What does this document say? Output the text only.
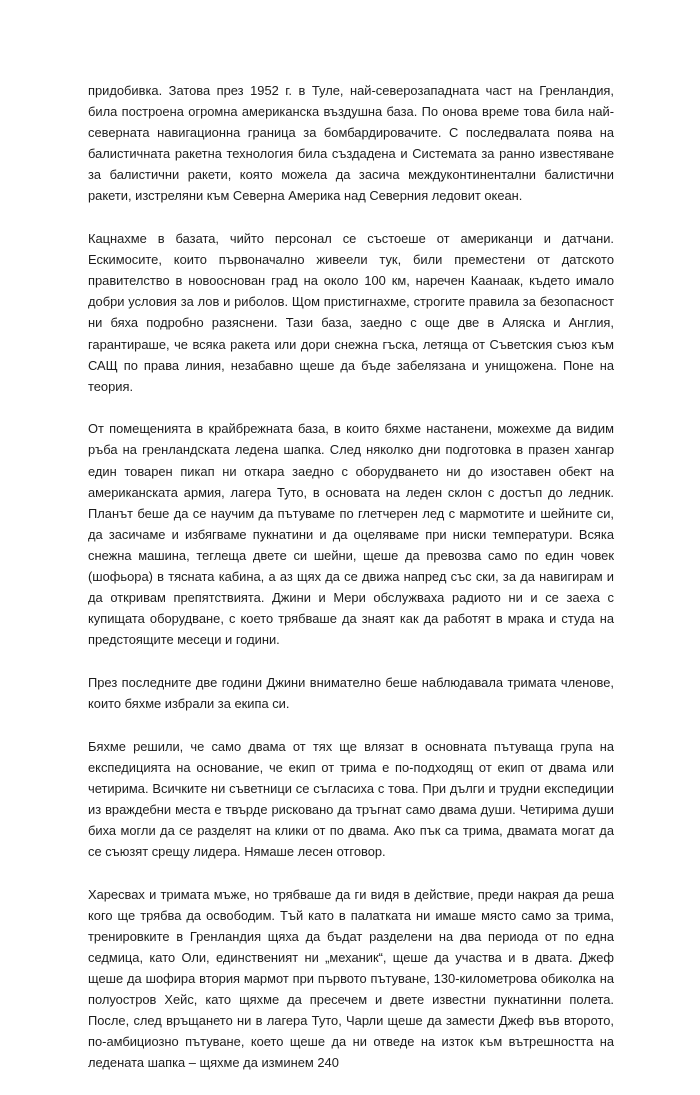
придобивка. Затова през 1952 г. в Туле, най-северозападната част на Гренландия, била построена огромна американска въздушна база. По онова време това била най-северната навигационна граница за бомбардировачите. С последвалата поява на балистичната ракетна технология била създадена и Системата за ранно известяване за балистични ракети, която можела да засича междуконтинентални балистични ракети, изстреляни към Северна Америка над Северния ледовит океан.

Кацнахме в базата, чийто персонал се състоеше от американци и датчани. Ескимосите, които първоначално живеели тук, били преместени от датското правителство в новооснован град на около 100 км, наречен Каанаак, където имало добри условия за лов и риболов. Щом пристигнахме, строгите правила за безопасност ни бяха подробно разяснени. Тази база, заедно с още две в Аляска и Англия, гарантираше, че всяка ракета или дори снежна гъска, летяща от Съветския съюз към САЩ по права линия, незабавно щеше да бъде забелязана и унищожена. Поне на теория.

От помещенията в крайбрежната база, в които бяхме настанени, можехме да видим ръба на гренландската ледена шапка. След няколко дни подготовка в празен хангар един товарен пикап ни откара заедно с оборудването ни до изоставен обект на американската армия, лагера Туто, в основата на леден склон с достъп до ледник. Планът беше да се научим да пътуваме по глетчерен лед с мармотите и шейните си, да засичаме и избягваме пукнатини и да оцеляваме при ниски температури. Всяка снежна машина, теглеща двете си шейни, щеше да превозва само по един човек (шофьора) в тясната кабина, а аз щях да се движа напред със ски, за да навигирам и да откривам препятствията. Джини и Мери обслужваха радиото ни и се заеха с купищата оборудване, с което трябваше да знаят как да работят в мрака и студа на предстоящите месеци и години.

През последните две години Джини внимателно беше наблюдавала тримата членове, които бяхме избрали за екипа си.

Бяхме решили, че само двама от тях ще влязат в основната пътуваща група на експедицията на основание, че екип от трима е по-подходящ от екип от двама или четирима. Всичките ни съветници се съгласиха с това. При дълги и трудни експедиции из враждебни места е твърде рисковано да тръгнат само двама души. Четирима души биха могли да се разделят на клики от по двама. Ако пък са трима, двамата могат да се съюзят срещу лидера. Нямаше лесен отговор.

Харесвах и тримата мъже, но трябваше да ги видя в действие, преди накрая да реша кого ще трябва да освободим. Тъй като в палатката ни имаше място само за трима, тренировките в Гренландия щяха да бъдат разделени на два периода от по една седмица, като Оли, единственият ни „механик“, щеше да участва и в двата. Джеф щеше да шофира втория мармот при първото пътуване, 130-километрова обиколка на полуостров Хейс, като щяхме да пресечем и двете известни пукнатинни полета. После, след връщането ни в лагера Туто, Чарли щеше да замести Джеф във второто, по-амбициозно пътуване, което щеше да ни отведе на изток към вътрешността на ледената шапка – щяхме да изминем 240
